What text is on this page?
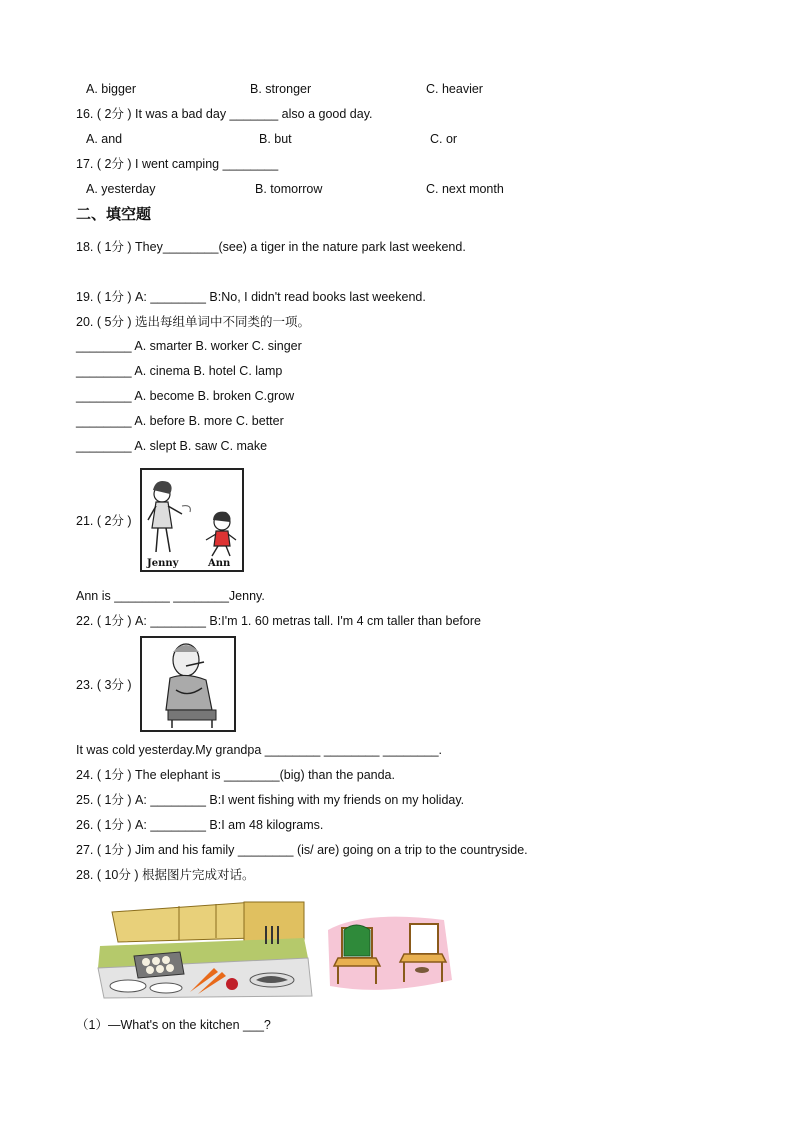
A. bigger	B. stronger	C. heavier
16. ( 2分 ) It was a bad day _______ also a good day.
A. and	B. but	C. or
17. ( 2分 ) I went camping ________
A. yesterday	B. tomorrow	C. next month
二、填空题
18. ( 1分 ) They________(see) a tiger in the nature park last weekend.
19. ( 1分 ) A: ________ B:No, I didn't read books last weekend.
20. ( 5分 ) 选出每组单词中不同类的一项。
________ A. smarter B. worker C. singer
________ A. cinema B. hotel C. lamp
________ A. become B. broken C.grow
________ A. before B. more C. better
________ A. slept B. saw C. make
21. ( 2分 )
Jenny	Ann
Ann is ________ ________Jenny.
22. ( 1分 ) A: ________ B:I'm 1. 60 metras tall. I'm 4 cm taller than before
23. ( 3分 )
It was cold yesterday.My grandpa ________ ________ ________.
24. ( 1分 ) The elephant is ________(big) than the panda.
25. ( 1分 ) A: ________ B:I went fishing with my friends on my holiday.
26. ( 1分 ) A: ________ B:I am 48 kilograms.
27. ( 1分 ) Jim and his family ________ (is/ are) going on a trip to the countryside.
28. ( 10分 ) 根据图片完成对话。
（1）—What's on the kitchen ___?
